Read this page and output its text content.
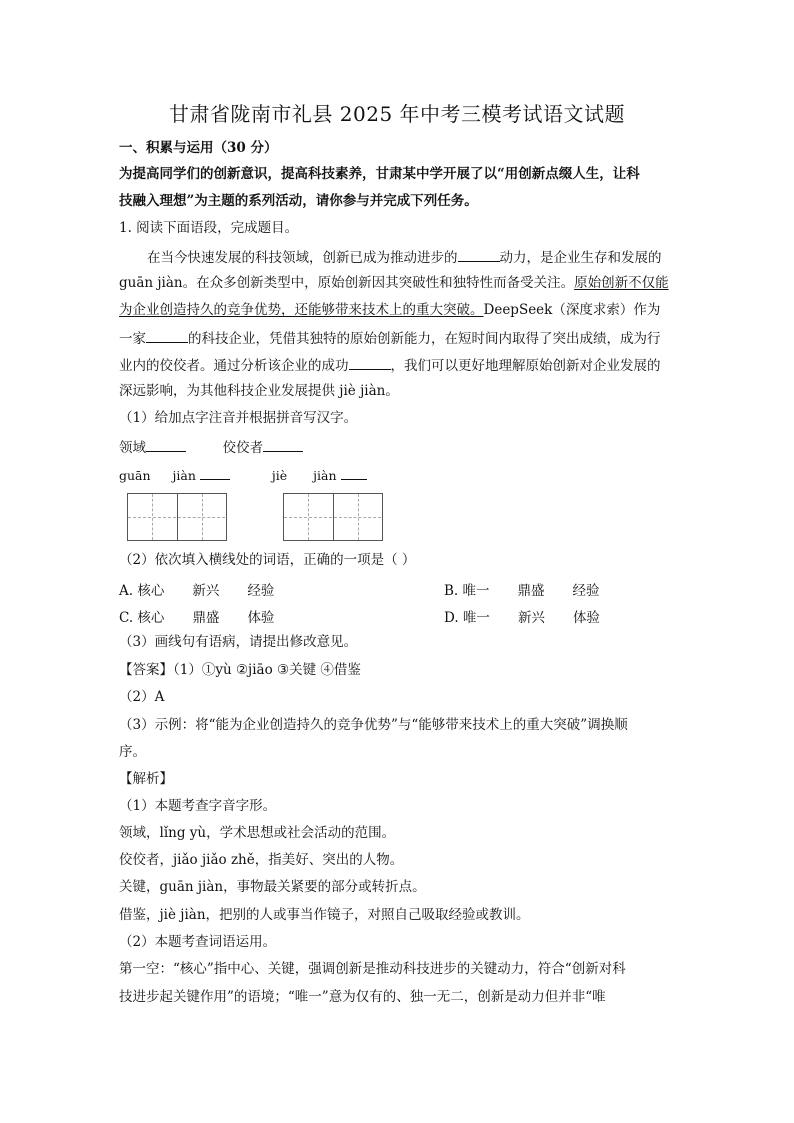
甘肃省陇南市礼县 2025 年中考三模考试语文试题
一、积累与运用（30 分）
为提高同学们的创新意识，提高科技素养，甘肃某中学开展了以“用创新点缀人生，让科
技融入理想”为主题的系列活动，请你参与并完成下列任务。
1. 阅读下面语段，完成题目。
在当今快速发展的科技领域，创新已成为推动进步的	动力，是企业生存和发展的
guān jiàn。在众多创新类型中，原始创新因其突破性和独特性而备受关注。原始创新不仅能
为企业创造持久的竞争优势，还能够带来技术上的重大突破。DeepSeek（深度求索）作为
一家	的科技企业，凭借其独特的原始创新能力，在短时间内取得了突出成绩，成为行
业内的佼佼者。通过分析该企业的成功	，我们可以更好地理解原始创新对企业发展的
深远影响，为其他科技企业发展提供 jiè jiàn。
（1）给加点字注音并根据拼音写汉字。
领域	佼佼者
guān jiàn	jiè jiàn
（2）依次填入横线处的词语，正确的一项是（ ）
A. 核心 新兴 经验	B. 唯一 鼎盛 经验
C. 核心 鼎盛 体验	D. 唯一 新兴 体验
（3）画线句有语病，请提出修改意见。
【答案】（1）①yù ②jiāo ③关键 ④借鉴
（2）A
（3）示例：将“能为企业创造持久的竞争优势”与“能够带来技术上的重大突破”调换顺
序。
【解析】
（1）本题考查字音字形。
领域，lǐng yù，学术思想或社会活动的范围。
佼佼者，jiǎo jiǎo zhě，指美好、突出的人物。
关键，guān jiàn，事物最关紧要的部分或转折点。
借鉴，jiè jiàn，把别的人或事当作镜子，对照自己吸取经验或教训。
（2）本题考查词语运用。
第一空：“核心”指中心、关键，强调创新是推动科技进步的关键动力，符合“创新对科
技进步起关键作用”的语境；“唯一”意为仅有的、独一无二，创新是动力但并非“唯
